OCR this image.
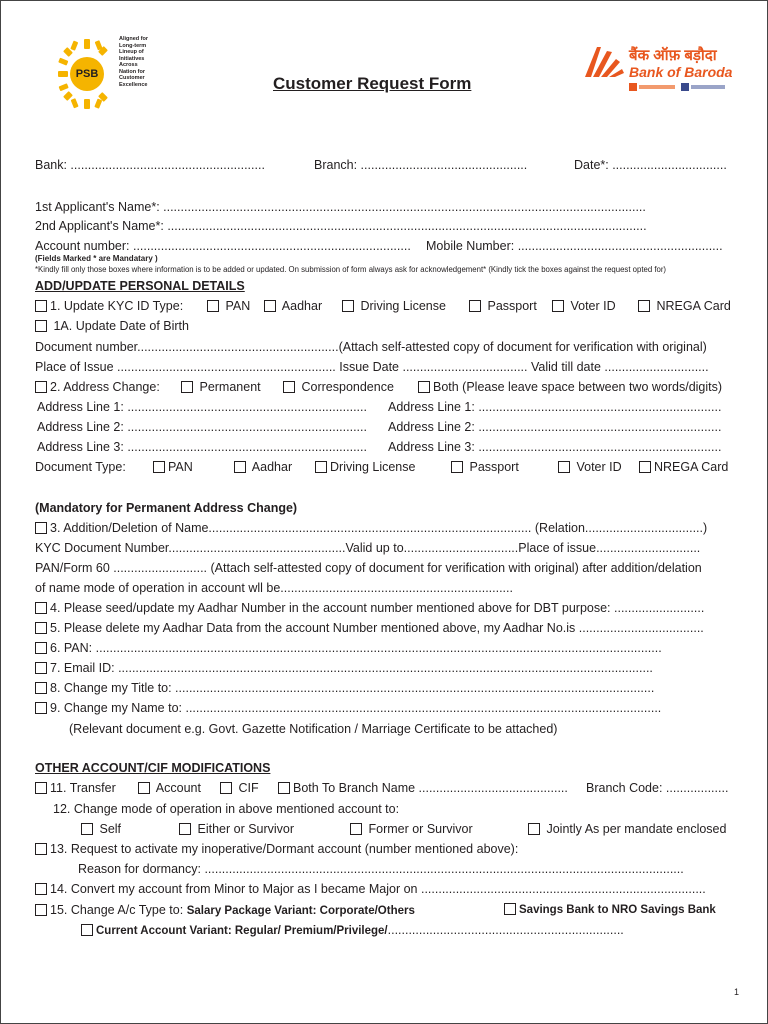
PSB
Aligned for
Long-term
Lineup of
Initiatives
Across
Nation for
Customer
Excellence	Customer Request Form
बैंक ऑफ़ बड़ौदा
Bank of Baroda
Bank: ........................................................	Branch: ................................................	Date*: .................................
1st Applicant's Name*: ...........................................................................................................................................
2nd Applicant's Name*: ..........................................................................................................................................
Account number: ................................................................................ Mobile Number: ...........................................................
(Fields Marked * are Mandatary )
*Kindly fill only those boxes where information is to be added or updated. On submission of form always ask for acknowledgement* (Kindly tick the boxes against the request opted for)
ADD/UPDATE PERSONAL DETAILS
1. Update KYC ID Type:	PAN	Aadhar	Driving License	Passport	Voter ID	NREGA Card
1A. Update Date of Birth
Document number..........................................................(Attach self-attested copy of document for verification with original)
Place of Issue ............................................................... Issue Date .................................... Valid till date ..............................
2. Address Change:	Permanent	Correspondence	Both (Please leave space between two words/digits)
Address Line 1: ..................................................................... Address Line 1: ......................................................................
Address Line 2: ..................................................................... Address Line 2: ......................................................................
Address Line 3: ..................................................................... Address Line 3: ......................................................................
Document Type:	PAN	Aadhar	Driving License	Passport	Voter ID	NREGA Card
(Mandatory for Permanent Address Change)
3. Addition/Deletion of Name............................................................................................. (Relation..................................)
KYC Document Number...................................................Valid up to.................................Place of issue..............................
PAN/Form 60 ........................... (Attach self-attested copy of document for verification with original) after addition/delation
of name mode of operation in account wll be...................................................................
4. Please seed/update my Aadhar Number in the account number mentioned above for DBT purpose: ..........................
5. Please delete my Aadhar Data from the account Number mentioned above, my Aadhar No.is ....................................
6. PAN: ...................................................................................................................................................................
7. Email ID: ..........................................................................................................................................................
8. Change my Title to: ..........................................................................................................................................
9. Change my Name to: .........................................................................................................................................
(Relevant document e.g. Govt. Gazette Notification / Marriage Certificate to be attached)
OTHER ACCOUNT/CIF MODIFICATIONS
11. Transfer	Account	CIF	Both To Branch Name ........................................... Branch Code: ..................
12. Change mode of operation in above mentioned account to:
Self	Either or Survivor	Former or Survivor	Jointly As per mandate enclosed
13. Request to activate my inoperative/Dormant account (number mentioned above):
Reason for dormancy: ..........................................................................................................................................
14. Convert my account from Minor to Major as I became Major on ..................................................................................
15. Change A/c Type to: Salary Package Variant: Corporate/Others	Savings Bank to NRO Savings Bank
Current Account Variant: Regular/ Premium/Privilege/....................................................................
1
